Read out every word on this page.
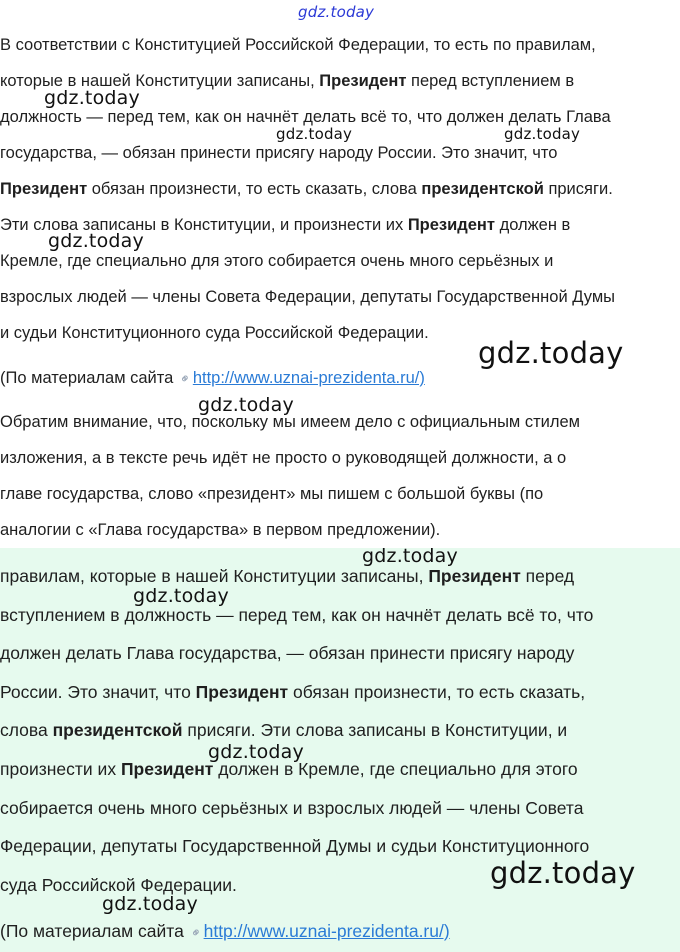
В соответствии с Конституцией Российской Федерации, то есть по правилам,
которые в нашей Конституции записаны, Президент перед вступлением в
должность — перед тем, как он начнёт делать всё то, что должен делать Глава
государства, — обязан принести присягу народу России. Это значит, что
Президент обязан произнести, то есть сказать, слова президентской присяги.
Эти слова записаны в Конституции, и произнести их Президент должен в
Кремле, где специально для этого собирается очень много серьёзных и
взрослых людей — члены Совета Федерации, депутаты Государственной Думы
и судьи Конституционного суда Российской Федерации.
(По материалам сайта ⚭http://www.uznai-prezidenta.ru/)
Обратим внимание, что, поскольку мы имеем дело с официальным стилем
изложения, а в тексте речь идёт не просто о руководящей должности, а о
главе государства, слово «президент» мы пишем с большой буквы (по
аналогии с «Глава государства» в первом предложении).
правилам, которые в нашей Конституции записаны, Президент перед
вступлением в должность — перед тем, как он начнёт делать всё то, что
должен делать Глава государства, — обязан принести присягу народу
России. Это значит, что Президент обязан произнести, то есть сказать,
слова президентской присяги. Эти слова записаны в Конституции, и
произнести их Президент должен в Кремле, где специально для этого
собирается очень много серьёзных и взрослых людей — члены Совета
Федерации, депутаты Государственной Думы и судьи Конституционного
суда Российской Федерации.
(По материалам сайта ⚭http://www.uznai-prezidenta.ru/)
gdz.today
gdz.today
gdz.today	gdz.today
gdz.today
gdz.today
gdz.today
gdz.today
gdz.today
gdz.today
gdz.today
gdz.today
